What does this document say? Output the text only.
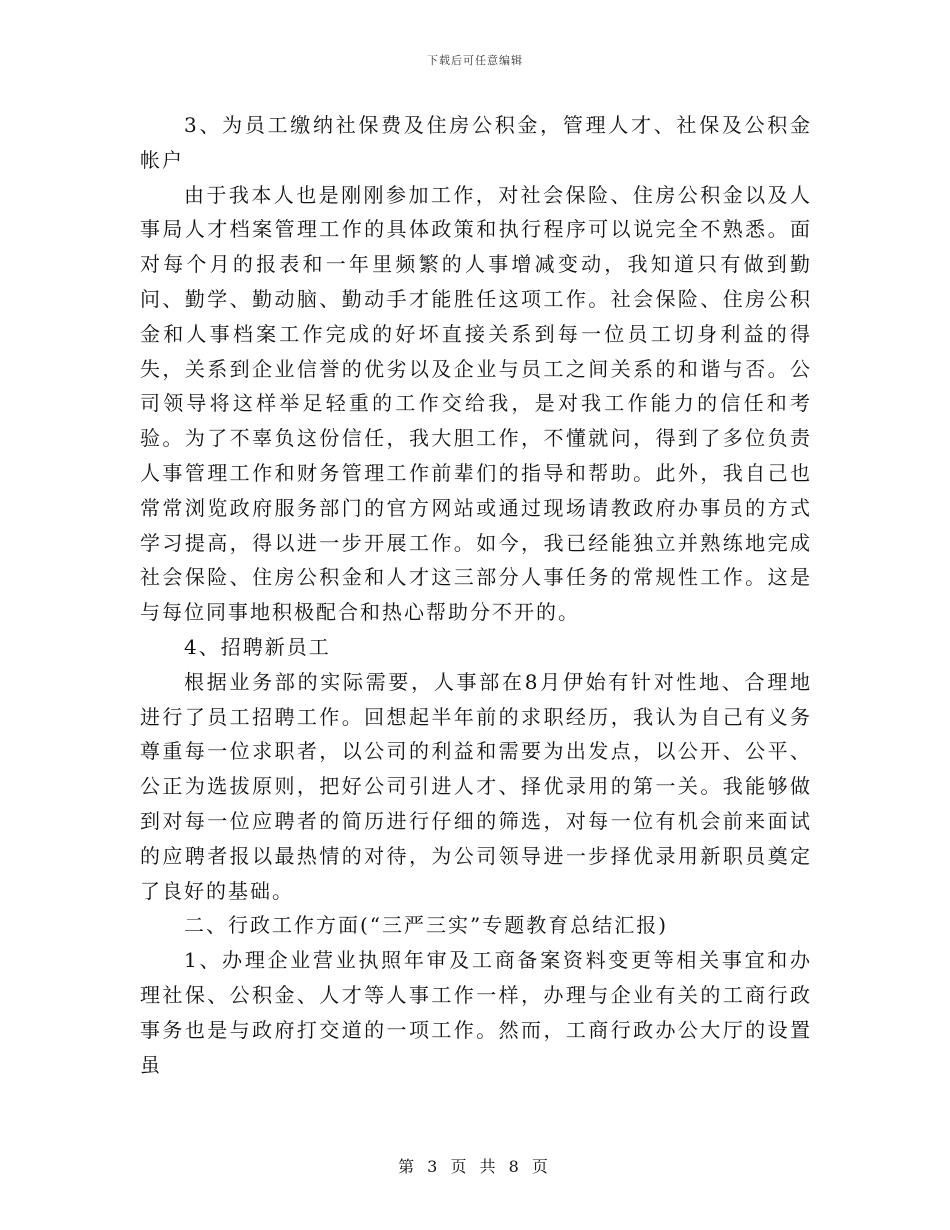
下载后可任意编辑

3、为员工缴纳社保费及住房公积金，管理人才、社保及公积金帐户

由于我本人也是刚刚参加工作，对社会保险、住房公积金以及人事局人才档案管理工作的具体政策和执行程序可以说完全不熟悉。面对每个月的报表和一年里频繁的人事增减变动，我知道只有做到勤问、勤学、勤动脑、勤动手才能胜任这项工作。社会保险、住房公积金和人事档案工作完成的好坏直接关系到每一位员工切身利益的得失，关系到企业信誉的优劣以及企业与员工之间关系的和谐与否。公司领导将这样举足轻重的工作交给我，是对我工作能力的信任和考验。为了不辜负这份信任，我大胆工作，不懂就问，得到了多位负责人事管理工作和财务管理工作前辈们的指导和帮助。此外，我自己也常常浏览政府服务部门的官方网站或通过现场请教政府办事员的方式学习提高，得以进一步开展工作。如今，我已经能独立并熟练地完成社会保险、住房公积金和人才这三部分人事任务的常规性工作。这是与每位同事地积极配合和热心帮助分不开的。

4、招聘新员工

根据业务部的实际需要，人事部在8月伊始有针对性地、合理地进行了员工招聘工作。回想起半年前的求职经历，我认为自己有义务尊重每一位求职者，以公司的利益和需要为出发点，以公开、公平、公正为选拔原则，把好公司引进人才、择优录用的第一关。我能够做到对每一位应聘者的简历进行仔细的筛选，对每一位有机会前来面试的应聘者报以最热情的对待，为公司领导进一步择优录用新职员奠定了良好的基础。

二、行政工作方面(“三严三实”专题教育总结汇报)

1、办理企业营业执照年审及工商备案资料变更等相关事宜和办理社保、公积金、人才等人事工作一样，办理与企业有关的工商行政事务也是与政府打交道的一项工作。然而，工商行政办公大厅的设置虽

第 3 页 共 8 页
